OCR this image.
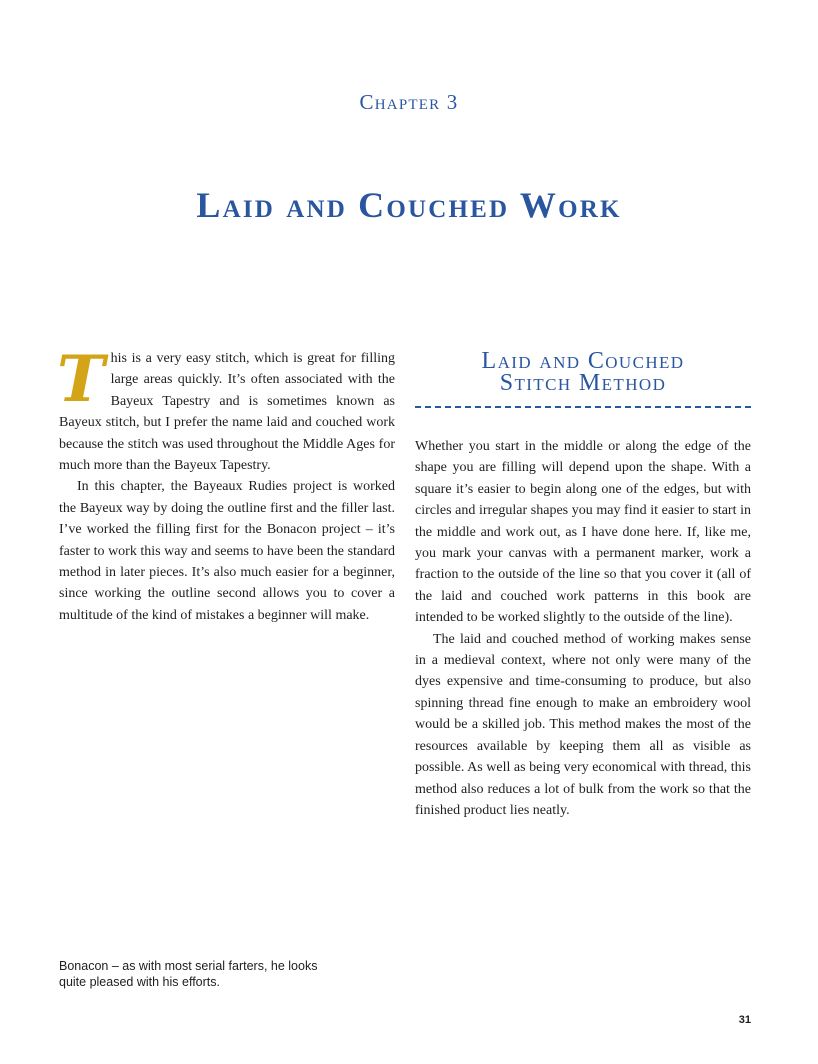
Chapter 3
Laid and Couched Work

This is a very easy stitch, which is great for filling large areas quickly. It’s often associated with the Bayeux Tapestry and is sometimes known as Bayeux stitch, but I prefer the name laid and couched work because the stitch was used throughout the Middle Ages for much more than the Bayeux Tapestry.

In this chapter, the Bayeaux Rudies project is worked the Bayeux way by doing the outline first and the filler last. I’ve worked the filling first for the Bonacon project – it’s faster to work this way and seems to have been the standard method in later pieces. It’s also much easier for a beginner, since working the outline second allows you to cover a multitude of the kind of mistakes a beginner will make.

Laid and Couched
Stitch Method

Whether you start in the middle or along the edge of the shape you are filling will depend upon the shape. With a square it’s easier to begin along one of the edges, but with circles and irregular shapes you may find it easier to start in the middle and work out, as I have done here. If, like me, you mark your canvas with a permanent marker, work a fraction to the outside of the line so that you cover it (all of the laid and couched work patterns in this book are intended to be worked slightly to the outside of the line).

The laid and couched method of working makes sense in a medieval context, where not only were many of the dyes expensive and time-consuming to produce, but also spinning thread fine enough to make an embroidery wool would be a skilled job. This method makes the most of the resources available by keeping them all as visible as possible. As well as being very economical with thread, this method also reduces a lot of bulk from the work so that the finished product lies neatly.

Bonacon – as with most serial farters, he looks quite pleased with his efforts.
31
